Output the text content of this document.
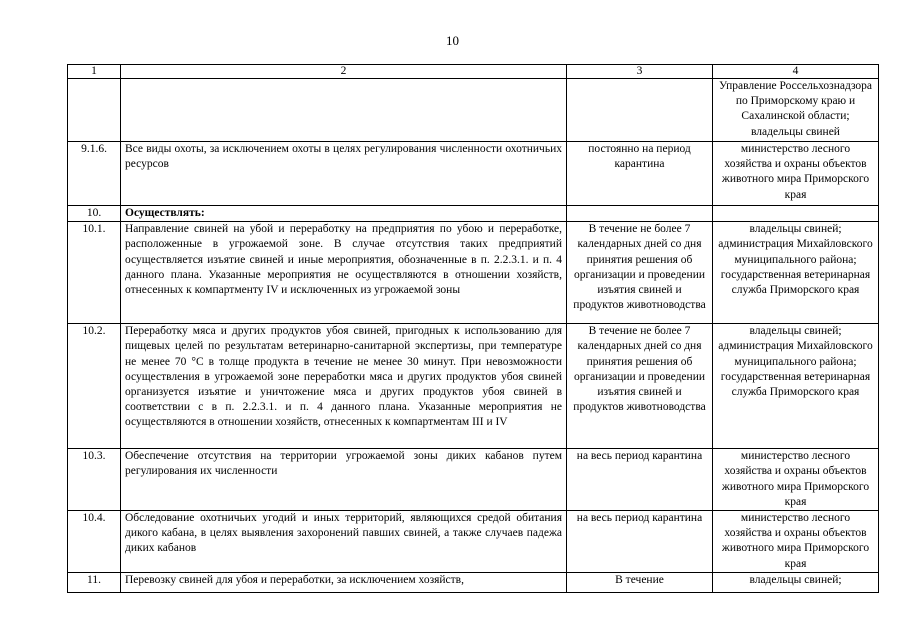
10
1	2	3	4
			Управление Россельхознадзора по Приморскому краю и Сахалинской области; владельцы свиней
9.1.6.	Все виды охоты, за исключением охоты в целях регулирования численности охотничьих ресурсов	постоянно на период карантина	министерство лесного хозяйства и охраны объектов животного мира Приморского края
10.	Осуществлять:		
10.1.	Направление свиней на убой и переработку на предприятия по убою и переработке, расположенные в угрожаемой зоне. В случае отсутствия таких предприятий осуществляется изъятие свиней и иные мероприятия, обозначенные в п. 2.2.3.1. и п. 4 данного плана. Указанные мероприятия не осуществляются в отношении хозяйств, отнесенных к компартменту IV и исключенных из угрожаемой зоны	В течение не более 7 календарных дней со дня принятия решения об организации и проведении изъятия свиней и продуктов животноводства	владельцы свиней; администрация Михайловского муниципального района; государственная ветеринарная служба Приморского края
10.2.	Переработку мяса и других продуктов убоя свиней, пригодных к использованию для пищевых целей по результатам ветеринарно-санитарной экспертизы, при температуре не менее 70 °C в толще продукта в течение не менее 30 минут. При невозможности осуществления в угрожаемой зоне переработки мяса и других продуктов убоя свиней организуется изъятие и уничтожение мяса и других продуктов убоя свиней в соответствии с в п. 2.2.3.1. и п. 4 данного плана. Указанные мероприятия не осуществляются в отношении хозяйств, отнесенных к компартментам III и IV	В течение не более 7 календарных дней со дня принятия решения об организации и проведении изъятия свиней и продуктов животноводства	владельцы свиней; администрация Михайловского муниципального района; государственная ветеринарная служба Приморского края
10.3.	Обеспечение отсутствия на территории угрожаемой зоны диких кабанов путем регулирования их численности	на весь период карантина	министерство лесного хозяйства и охраны объектов животного мира Приморского края
10.4.	Обследование охотничьих угодий и иных территорий, являющихся средой обитания дикого кабана, в целях выявления захоронений павших свиней, а также случаев падежа диких кабанов	на весь период карантина	министерство лесного хозяйства и охраны объектов животного мира Приморского края
11.	Перевозку свиней для убоя и переработки, за исключением хозяйств,	В течение	владельцы свиней;
